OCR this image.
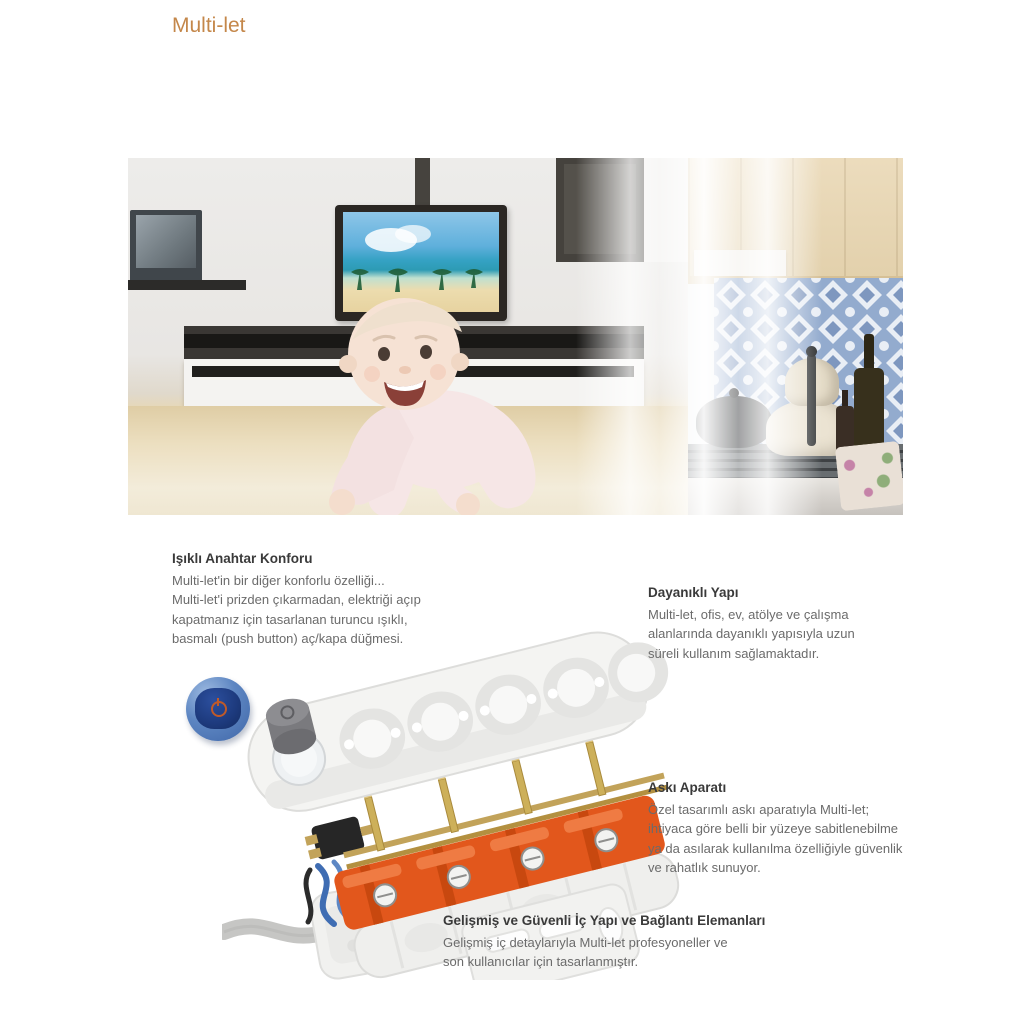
Multi-let
Işıklı Anahtar Konforu
Multi-let'in bir diğer konforlu özelliği...
Multi-let'i prizden çıkarmadan, elektriği açıp
kapatmanız için tasarlanan turuncu ışıklı,
basmalı (push button) aç/kapa düğmesi.
Dayanıklı Yapı
Multi-let, ofis, ev, atölye ve çalışma
alanlarında dayanıklı yapısıyla uzun
süreli kullanım sağlamaktadır.
Askı Aparatı
Özel tasarımlı askı aparatıyla Multi-let;
ihtiyaca göre belli bir yüzeye sabitlenebilme
ya da asılarak kullanılma özelliğiyle güvenlik
ve rahatlık sunuyor.
Gelişmiş ve Güvenli İç Yapı ve Bağlantı Elemanları
Gelişmiş iç detaylarıyla Multi-let profesyoneller ve
son kullanıcılar için tasarlanmıştır.
